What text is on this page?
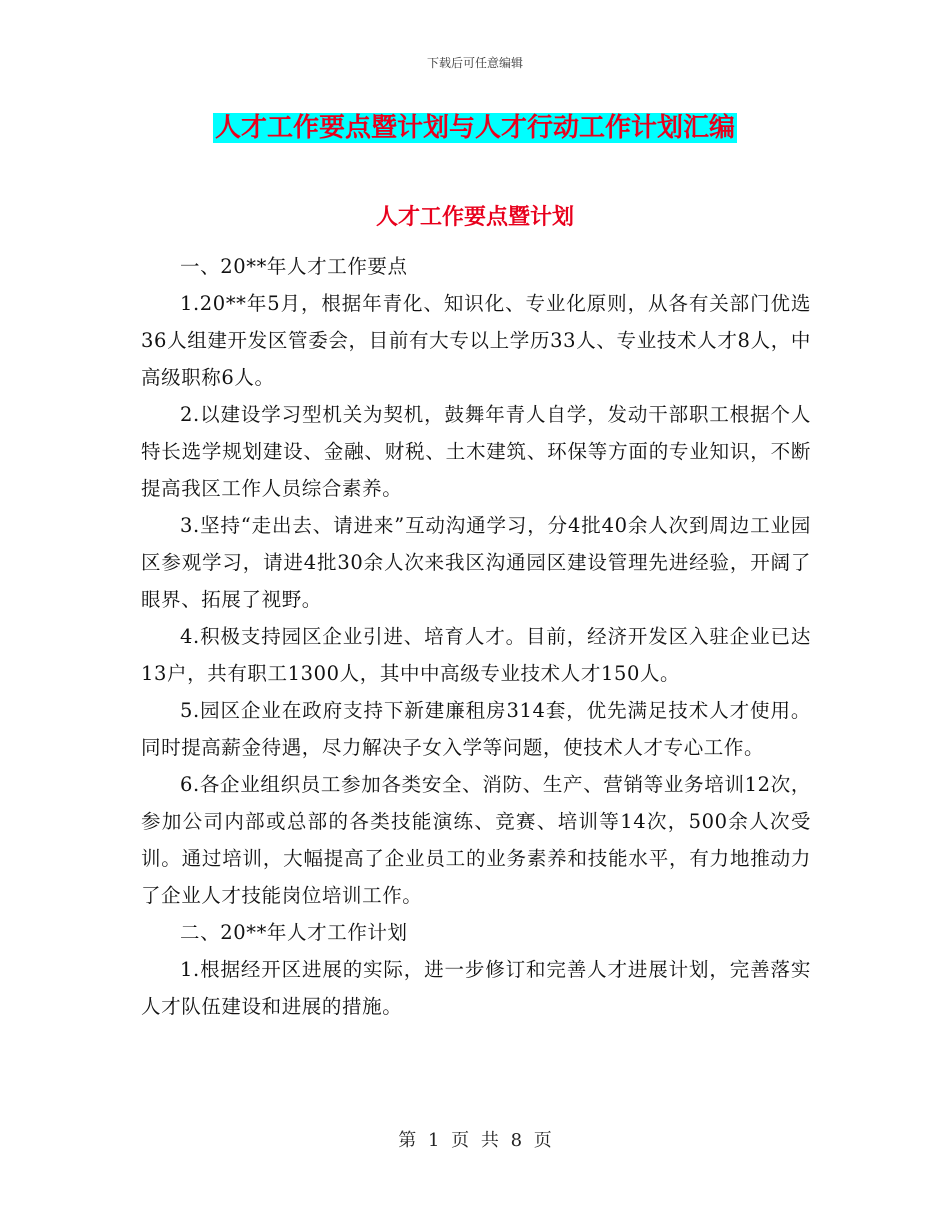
下载后可任意编辑
人才工作要点暨计划与人才行动工作计划汇编
人才工作要点暨计划

一、20**年人才工作要点

1.20**年5月，根据年青化、知识化、专业化原则，从各有关部门优选36人组建开发区管委会，目前有大专以上学历33人、专业技术人才8人，中高级职称6人。

2.以建设学习型机关为契机，鼓舞年青人自学，发动干部职工根据个人特长选学规划建设、金融、财税、土木建筑、环保等方面的专业知识，不断提高我区工作人员综合素养。

3.坚持“走出去、请进来”互动沟通学习，分4批40余人次到周边工业园区参观学习，请进4批30余人次来我区沟通园区建设管理先进经验，开阔了眼界、拓展了视野。

4.积极支持园区企业引进、培育人才。目前，经济开发区入驻企业已达13户，共有职工1300人，其中中高级专业技术人才150人。

5.园区企业在政府支持下新建廉租房314套，优先满足技术人才使用。同时提高薪金待遇，尽力解决子女入学等问题，使技术人才专心工作。

6.各企业组织员工参加各类安全、消防、生产、营销等业务培训12次，参加公司内部或总部的各类技能演练、竞赛、培训等14次，500余人次受训。通过培训，大幅提高了企业员工的业务素养和技能水平，有力地推动力了企业人才技能岗位培训工作。

二、20**年人才工作计划

1.根据经开区进展的实际，进一步修订和完善人才进展计划，完善落实人才队伍建设和进展的措施。

第 1 页 共 8 页
